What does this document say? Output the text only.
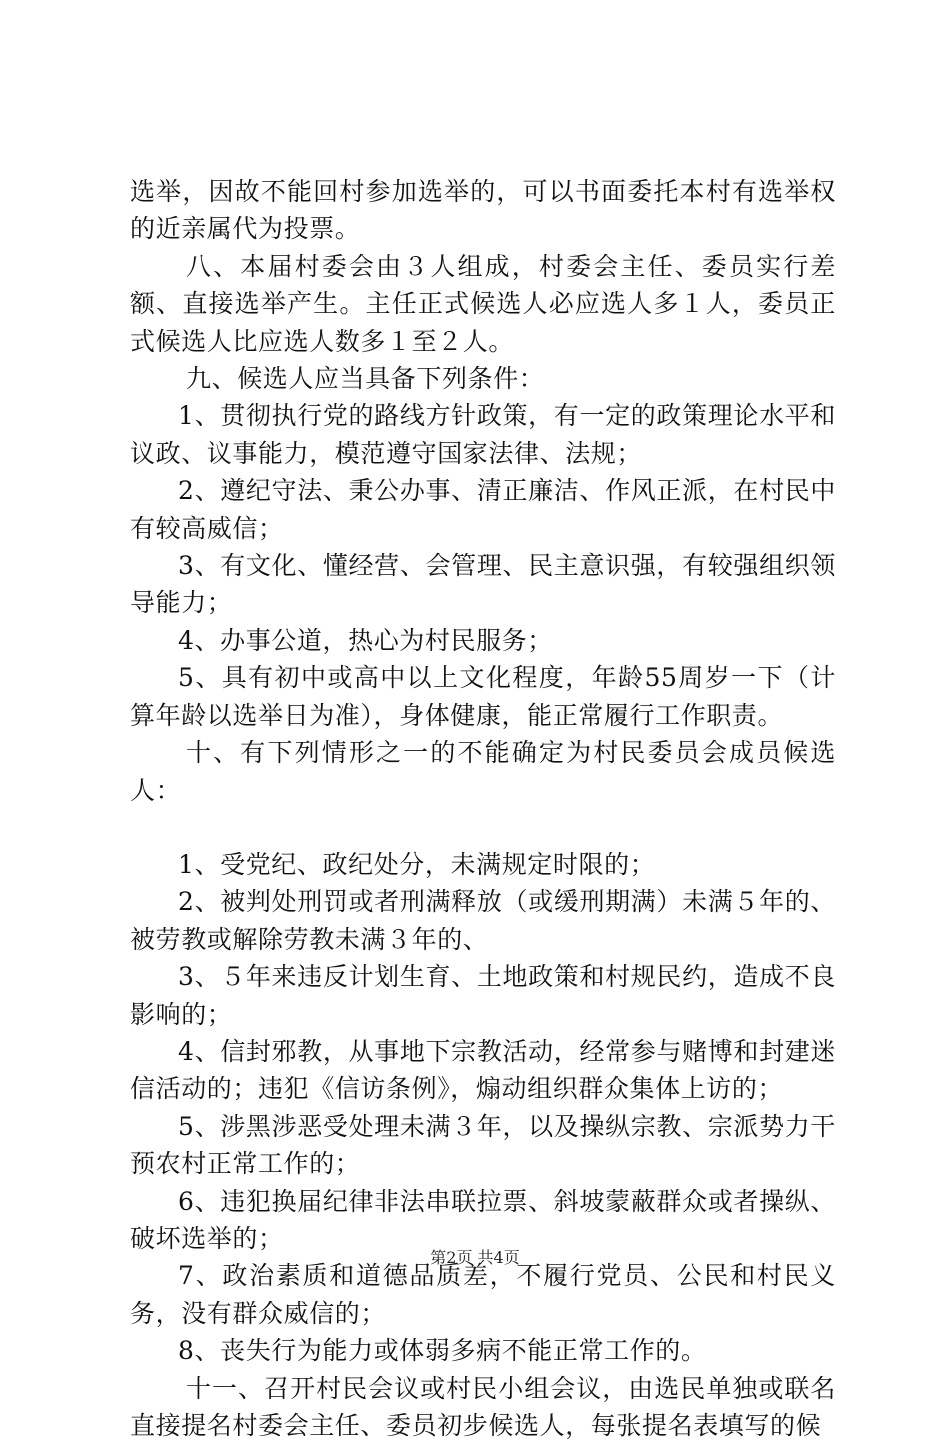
选举，因故不能回村参加选举的，可以书面委托本村有选举权的近亲属代为投票。

八、本届村委会由３人组成，村委会主任、委员实行差额、直接选举产生。主任正式候选人必应选人多１人，委员正式候选人比应选人数多１至２人。

九、候选人应当具备下列条件：

1、贯彻执行党的路线方针政策，有一定的政策理论水平和议政、议事能力，模范遵守国家法律、法规；

2、遵纪守法、秉公办事、清正廉洁、作风正派，在村民中有较高威信；

3、有文化、懂经营、会管理、民主意识强，有较强组织领导能力；

4、办事公道，热心为村民服务；

5、具有初中或高中以上文化程度，年龄55周岁一下（计算年龄以选举日为准），身体健康，能正常履行工作职责。

十、有下列情形之一的不能确定为村民委员会成员候选人：

1、受党纪、政纪处分，未满规定时限的；

2、被判处刑罚或者刑满释放（或缓刑期满）未满５年的、被劳教或解除劳教未满３年的、

3、５年来违反计划生育、土地政策和村规民约，造成不良影响的；

4、信封邪教，从事地下宗教活动，经常参与赌博和封建迷信活动的；违犯《信访条例》，煽动组织群众集体上访的；

5、涉黑涉恶受处理未满３年，以及操纵宗教、宗派势力干预农村正常工作的；

6、违犯换届纪律非法串联拉票、斜坡蒙蔽群众或者操纵、破坏选举的；

7、政治素质和道德品质差，不履行党员、公民和村民义务，没有群众威信的；

8、丧失行为能力或体弱多病不能正常工作的。

十一、召开村民会议或村民小组会议，由选民单独或联名直接提名村委会主任、委员初步候选人，每张提名表填写的候

第2页 共4页
